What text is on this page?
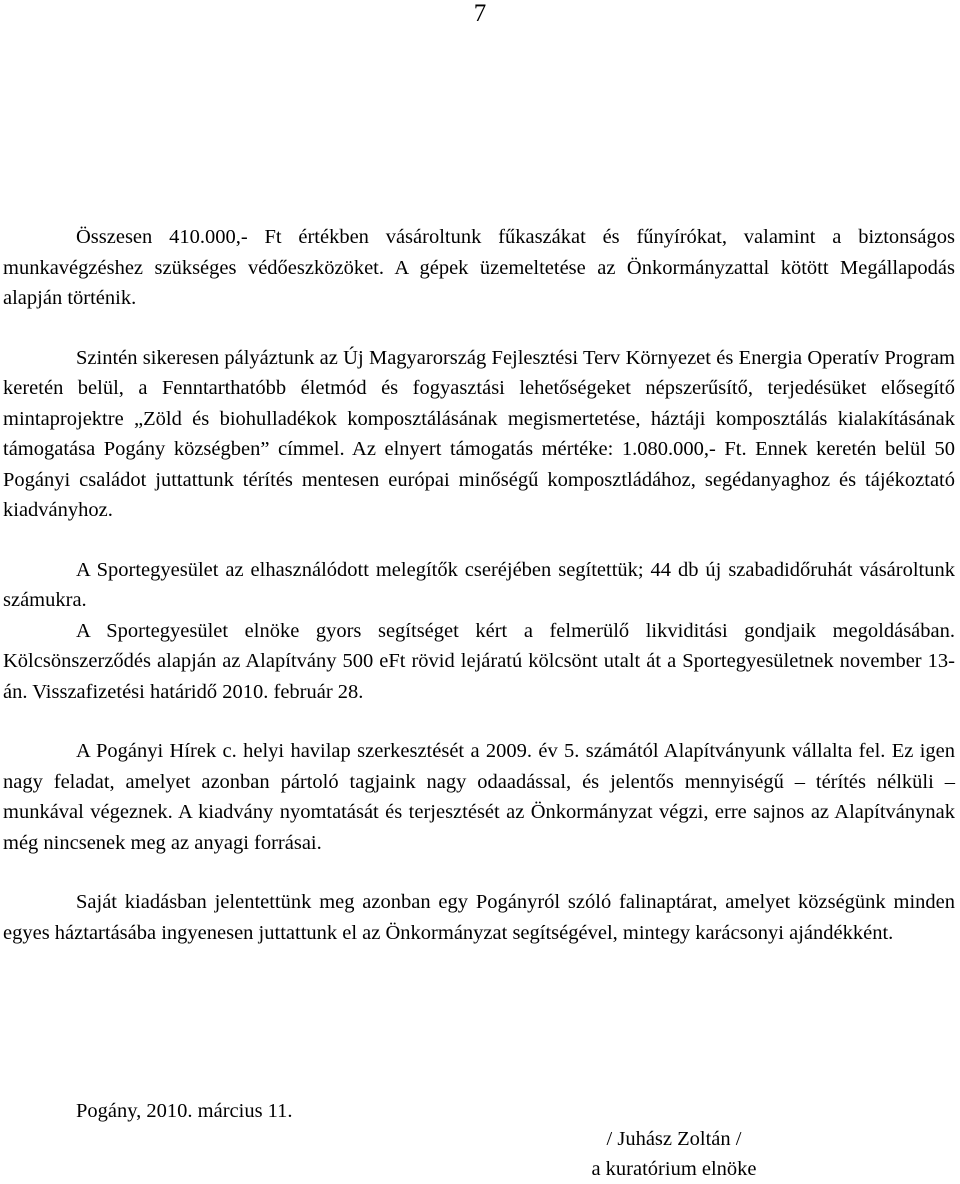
7

Összesen 410.000,- Ft értékben vásároltunk fűkaszákat és fűnyírókat, valamint a biztonságos munkavégzéshez szükséges védőeszközöket. A gépek üzemeltetése az Önkormányzattal kötött Megállapodás alapján történik.

Szintén sikeresen pályáztunk az Új Magyarország Fejlesztési Terv Környezet és Energia Operatív Program keretén belül, a Fenntarthatóbb életmód és fogyasztási lehetőségeket népszerűsítő, terjedésüket elősegítő mintaprojektre „Zöld és biohulladékok komposztálásának megismertetése, háztáji komposztálás kialakításának támogatása Pogány községben” címmel. Az elnyert támogatás mértéke: 1.080.000,- Ft. Ennek keretén belül 50 Pogányi családot juttattunk térítés mentesen európai minőségű komposztládához, segédanyaghoz és tájékoztató kiadványhoz.

A Sportegyesület az elhasználódott melegítők cseréjében segítettük; 44 db új szabadidőruhát vásároltunk számukra.

A Sportegyesület elnöke gyors segítséget kért a felmerülő likviditási gondjaik megoldásában. Kölcsönszerződés alapján az Alapítvány 500 eFt rövid lejáratú kölcsönt utalt át a Sportegyesületnek november 13-án. Visszafizetési határidő 2010. február 28.

A Pogányi Hírek c. helyi havilap szerkesztését a 2009. év 5. számától Alapítványunk vállalta fel. Ez igen nagy feladat, amelyet azonban pártoló tagjaink nagy odaadással, és jelentős mennyiségű – térítés nélküli – munkával végeznek. A kiadvány nyomtatását és terjesztését az Önkormányzat végzi, erre sajnos az Alapítványnak még nincsenek meg az anyagi forrásai.

Saját kiadásban jelentettünk meg azonban egy Pogányról szóló falinaptárat, amelyet községünk minden egyes háztartásába ingyenesen juttattunk el az Önkormányzat segítségével, mintegy karácsonyi ajándékként.

Pogány, 2010. március 11.
/ Juhász Zoltán /
a kuratórium elnöke
